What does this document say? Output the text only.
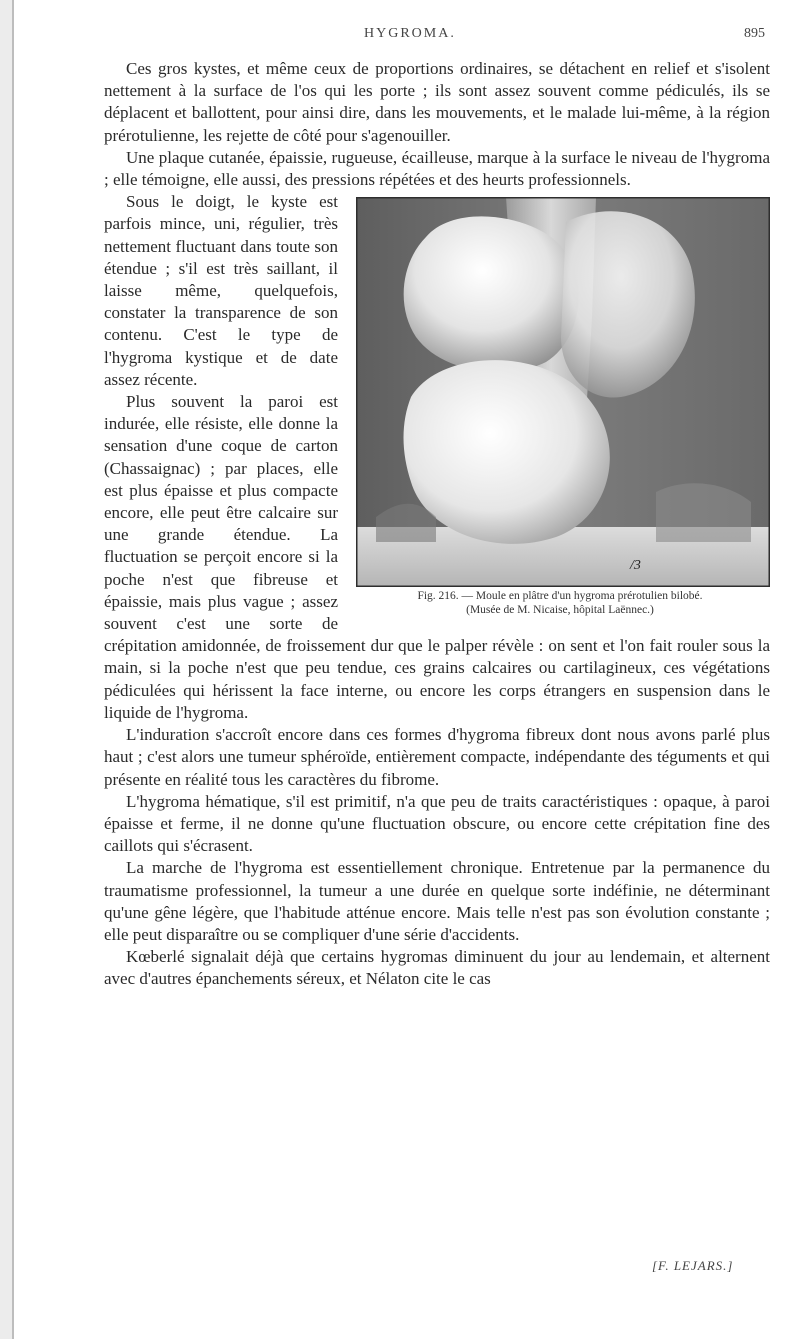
HYGROMA.	895

Ces gros kystes, et même ceux de proportions ordinaires, se détachent en relief et s'isolent nettement à la surface de l'os qui les porte ; ils sont assez souvent comme pédiculés, ils se déplacent et ballottent, pour ainsi dire, dans les mouvements, et le malade lui-même, à la région prérotulienne, les rejette de côté pour s'agenouiller.

Une plaque cutanée, épaissie, rugueuse, écailleuse, marque à la surface le niveau de l'hygroma ; elle témoigne, elle aussi, des pressions répétées et des heurts professionnels.

/3
Fig. 216. — Moule en plâtre d'un hygroma prérotulien bilobé.
(Musée de M. Nicaise, hôpital Laënnec.)

Sous le doigt, le kyste est parfois mince, uni, régulier, très nettement fluctuant dans toute son étendue ; s'il est très saillant, il laisse même, quelquefois, constater la transparence de son contenu. C'est le type de l'hygroma kystique et de date assez récente.

Plus souvent la paroi est indurée, elle résiste, elle donne la sensation d'une coque de carton (Chassaignac) ; par places, elle est plus épaisse et plus compacte encore, elle peut être calcaire sur une grande étendue. La fluctuation se perçoit encore si la poche n'est que fibreuse et épaissie, mais plus vague ; assez souvent c'est une sorte de crépitation amidonnée, de froissement dur que le palper révèle : on sent et l'on fait rouler sous la main, si la poche n'est que peu tendue, ces grains calcaires ou cartilagineux, ces végétations pédiculées qui hérissent la face interne, ou encore les corps étrangers en suspension dans le liquide de l'hygroma.

L'induration s'accroît encore dans ces formes d'hygroma fibreux dont nous avons parlé plus haut ; c'est alors une tumeur sphéroïde, entièrement compacte, indépendante des téguments et qui présente en réalité tous les caractères du fibrome.

L'hygroma hématique, s'il est primitif, n'a que peu de traits caractéristiques : opaque, à paroi épaisse et ferme, il ne donne qu'une fluctuation obscure, ou encore cette crépitation fine des caillots qui s'écrasent.

La marche de l'hygroma est essentiellement chronique. Entretenue par la permanence du traumatisme professionnel, la tumeur a une durée en quelque sorte indéfinie, ne déterminant qu'une gêne légère, que l'habitude atténue encore. Mais telle n'est pas son évolution constante ; elle peut disparaître ou se compliquer d'une série d'accidents.

Kœberlé signalait déjà que certains hygromas diminuent du jour au lendemain, et alternent avec d'autres épanchements séreux, et Nélaton cite le cas

[F. LEJARS.]
